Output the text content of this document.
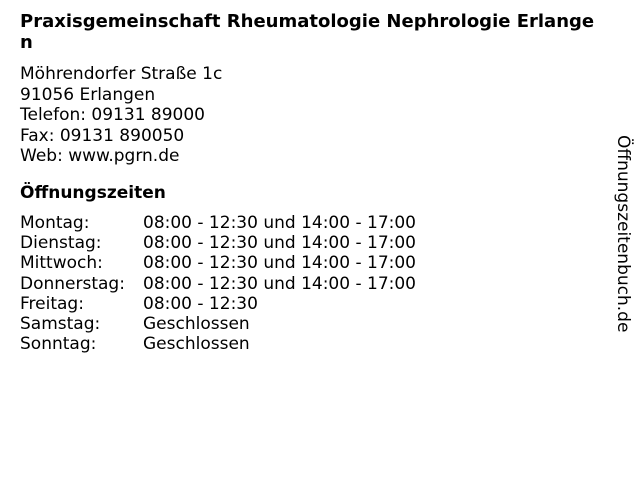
Praxisgemeinschaft Rheumatologie Nephrologie Erlangen
Möhrendorfer Straße 1c
91056 Erlangen
Telefon: 09131 89000
Fax: 09131 890050
Web: www.pgrn.de
Öffnungszeiten
Montag:	08:00 - 12:30 und 14:00 - 17:00
Dienstag:	08:00 - 12:30 und 14:00 - 17:00
Mittwoch:	08:00 - 12:30 und 14:00 - 17:00
Donnerstag:	08:00 - 12:30 und 14:00 - 17:00
Freitag:	08:00 - 12:30
Samstag:	Geschlossen
Sonntag:	Geschlossen
Öffnungszeitenbuch.de
